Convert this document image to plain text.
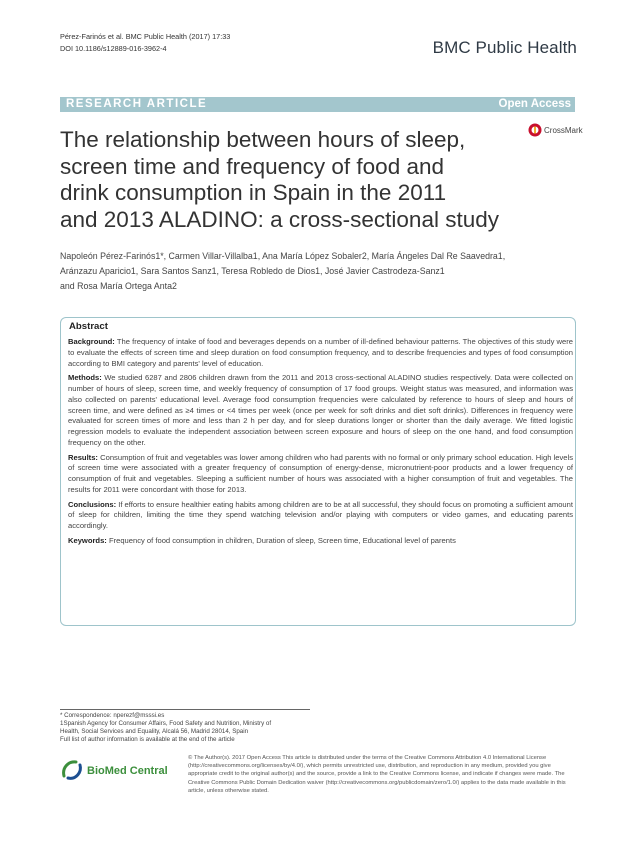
Pérez-Farinós et al. BMC Public Health (2017) 17:33
DOI 10.1186/s12889-016-3962-4	BMC Public Health
RESEARCH ARTICLE	Open Access
The relationship between hours of sleep,
screen time and frequency of food and
drink consumption in Spain in the 2011
and 2013 ALADINO: a cross-sectional study
CrossMark
Napoleón Pérez-Farinós1*, Carmen Villar-Villalba1, Ana María López Sobaler2, María Ángeles Dal Re Saavedra1,
Aránzazu Aparicio1, Sara Santos Sanz1, Teresa Robledo de Dios1, José Javier Castrodeza-Sanz1
and Rosa María Ortega Anta2
Abstract

Background: The frequency of intake of food and beverages depends on a number of ill-defined behaviour patterns. The objectives of this study were to evaluate the effects of screen time and sleep duration on food consumption frequency, and to describe frequencies and types of food consumption according to BMI category and parents' level of education.

Methods: We studied 6287 and 2806 children drawn from the 2011 and 2013 cross-sectional ALADINO studies respectively. Data were collected on number of hours of sleep, screen time, and weekly frequency of consumption of 17 food groups. Weight status was measured, and information was also collected on parents' educational level. Average food consumption frequencies were calculated by reference to hours of sleep and hours of screen time, and were defined as ≥4 times or <4 times per week (once per week for soft drinks and diet soft drinks). Differences in frequency were evaluated for screen times of more and less than 2 h per day, and for sleep durations longer or shorter than the daily average. We fitted logistic regression models to evaluate the independent association between screen exposure and hours of sleep on the one hand, and food consumption frequency on the other.

Results: Consumption of fruit and vegetables was lower among children who had parents with no formal or only primary school education. High levels of screen time were associated with a greater frequency of consumption of energy-dense, micronutrient-poor products and a lower frequency of consumption of fruit and vegetables. Sleeping a sufficient number of hours was associated with a higher consumption of fruit and vegetables. The results for 2011 were concordant with those for 2013.

Conclusions: If efforts to ensure healthier eating habits among children are to be at all successful, they should focus on promoting a sufficient amount of sleep for children, limiting the time they spend watching television and/or playing with computers or video games, and educating parents accordingly.

Keywords: Frequency of food consumption in children, Duration of sleep, Screen time, Educational level of parents

* Correspondence: nperezf@msssi.es
1Spanish Agency for Consumer Affairs, Food Safety and Nutrition, Ministry of
Health, Social Services and Equality, Alcalá 56, Madrid 28014, Spain
Full list of author information is available at the end of the article
BioMed Central
© The Author(s). 2017 Open Access This article is distributed under the terms of the Creative Commons Attribution 4.0 International License (http://creativecommons.org/licenses/by/4.0/), which permits unrestricted use, distribution, and reproduction in any medium, provided you give appropriate credit to the original author(s) and the source, provide a link to the Creative Commons license, and indicate if changes were made. The Creative Commons Public Domain Dedication waiver (http://creativecommons.org/publicdomain/zero/1.0/) applies to the data made available in this article, unless otherwise stated.
